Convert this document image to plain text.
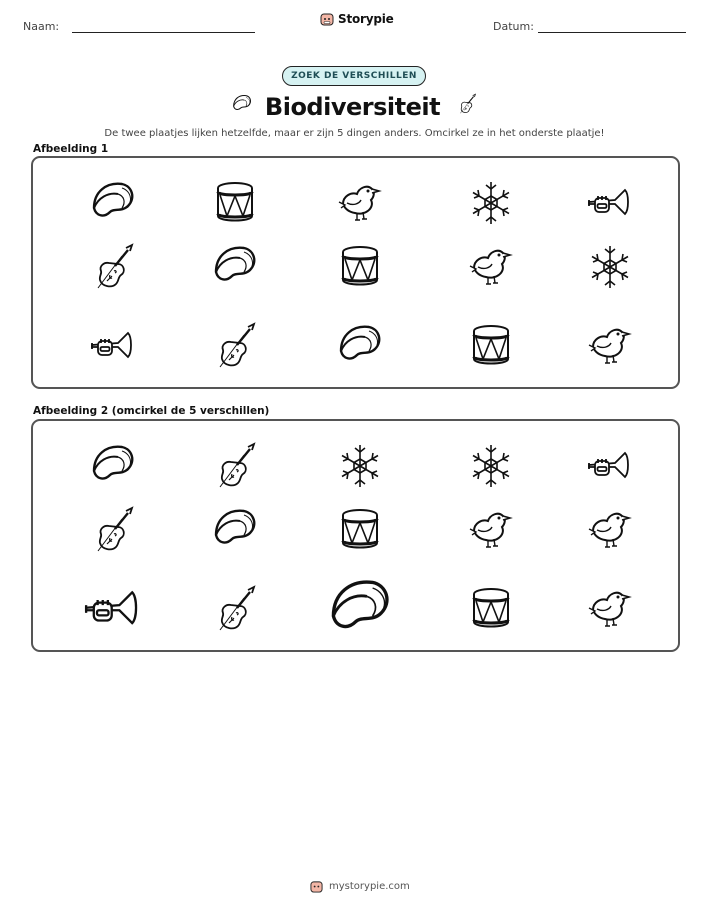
Naam:
Storypie
Datum:
ZOEK DE VERSCHILLEN
Biodiversiteit
De twee plaatjes lijken hetzelfde, maar er zijn 5 dingen anders. Omcirkel ze in het onderste plaatje!
Afbeelding 1
Afbeelding 2 (omcirkel de 5 verschillen)
mystorypie.com
